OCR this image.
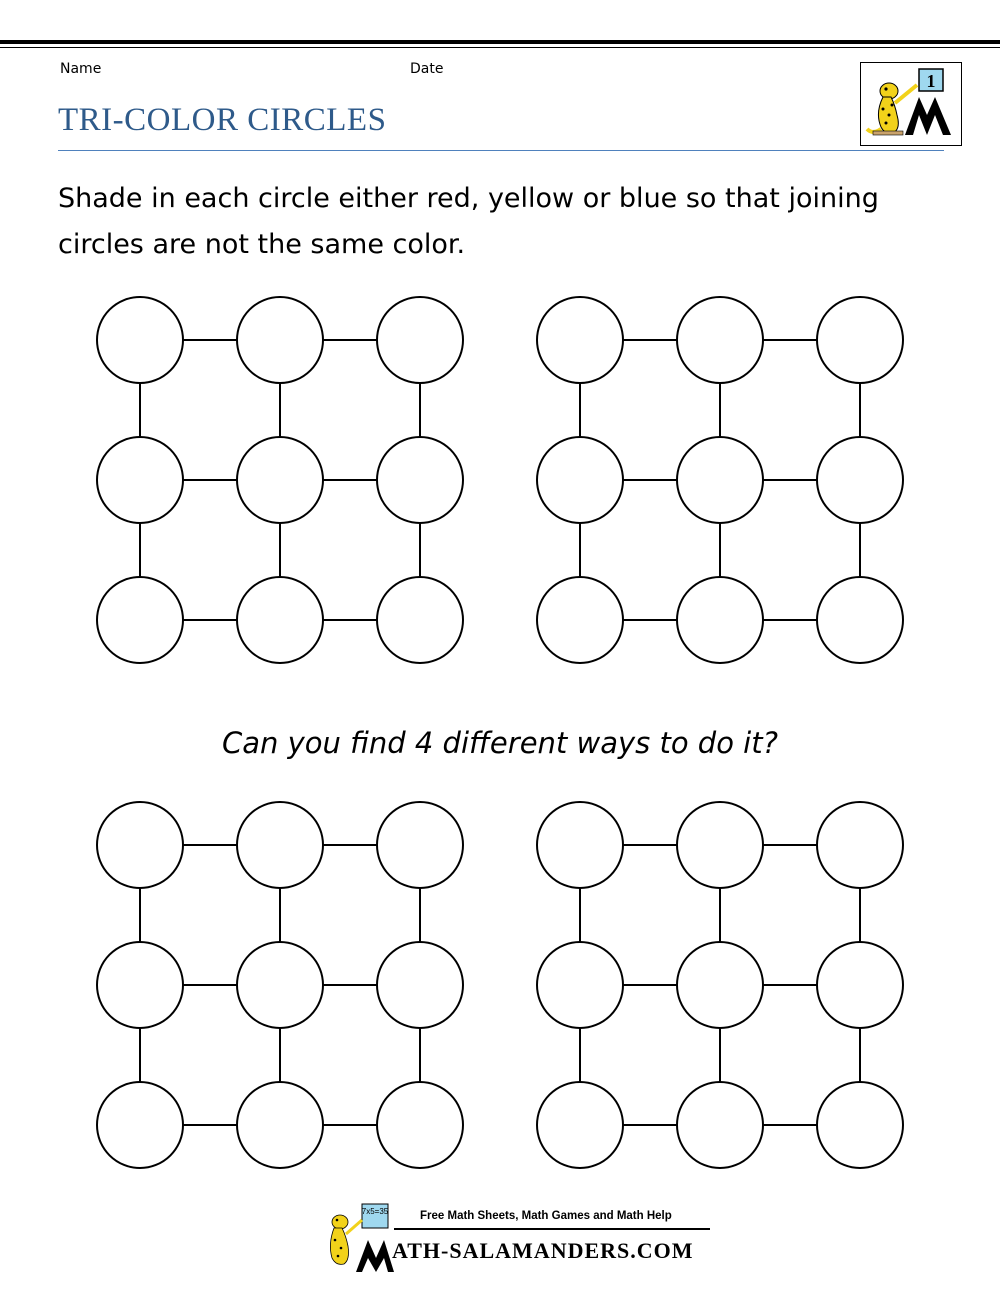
Name	Date
TRI-COLOR CIRCLES
1
Shade in each circle either red, yellow or blue so that joining circles are not the same color.
Can you find 4 different ways to do it?
7x5=35	Free Math Sheets, Math Games and Math Help
ATH-SALAMANDERS.COM
